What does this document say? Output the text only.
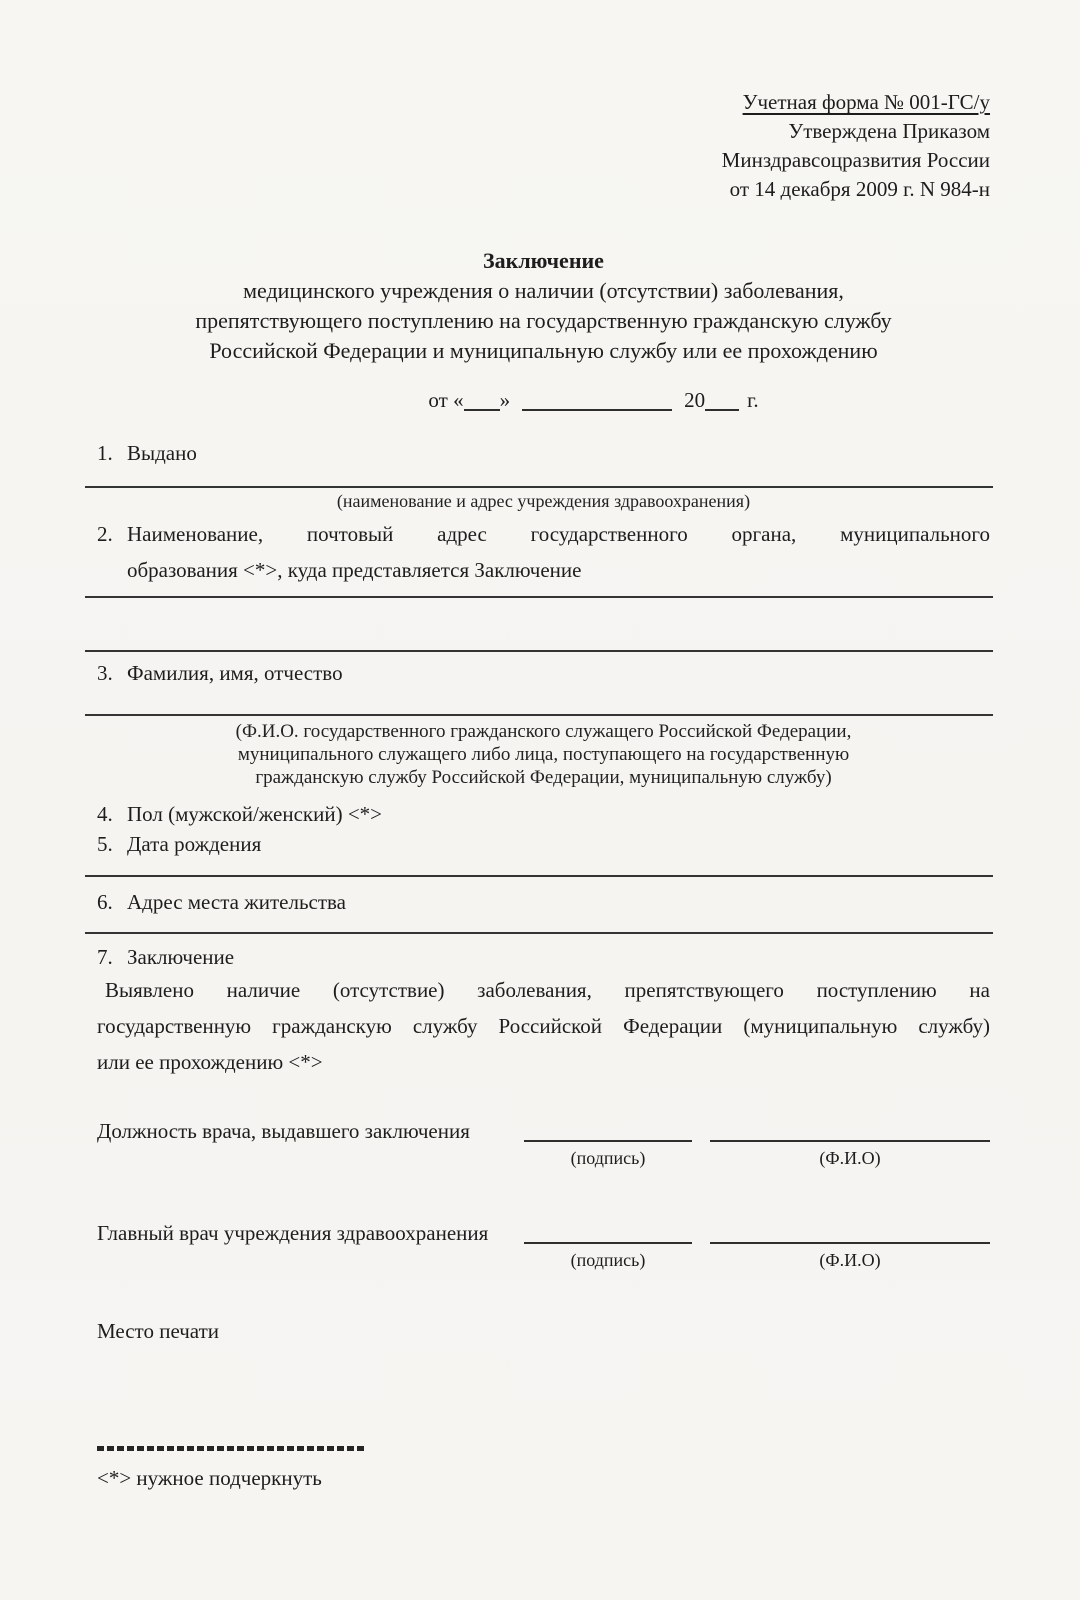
Учетная форма № 001-ГС/у
Утверждена Приказом
Минздравсоцразвития России
от 14 декабря 2009 г. N 984-н
Заключение
медицинского учреждения о наличии (отсутствии) заболевания,
препятствующего поступлению на государственную гражданскую службу
Российской Федерации и муниципальную службу или ее прохождению
от « »	20 г.
1. Выдано
(наименование и адрес учреждения здравоохранения)
2. Наименование, почтовый адрес государственного органа, муниципального
образования <*>, куда представляется Заключение
3. Фамилия, имя, отчество
(Ф.И.О. государственного гражданского служащего Российской Федерации,
муниципального служащего либо лица, поступающего на государственную
гражданскую службу Российской Федерации, муниципальную службу)
4. Пол (мужской/женский) <*>
5. Дата рождения
6. Адрес места жительства
7. Заключение
Выявлено наличие (отсутствие) заболевания, препятствующего поступлению на
государственную гражданскую службу Российской Федерации (муниципальную службу)
или ее прохождению <*>
Должность врача, выдавшего заключения
(подпись)	(Ф.И.О)
Главный врач учреждения здравоохранения
(подпись)	(Ф.И.О)
Место печати
<*> нужное подчеркнуть
